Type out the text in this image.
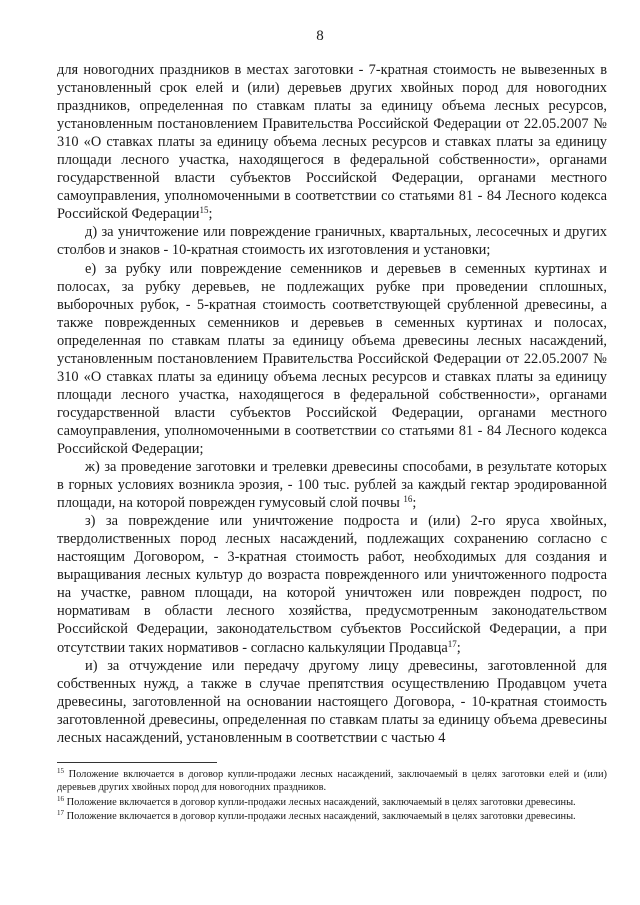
8

для новогодних праздников в местах заготовки - 7-кратная стоимость не вывезенных в установленный срок елей и (или) деревьев других хвойных пород для новогодних праздников, определенная по ставкам платы за единицу объема лесных ресурсов, установленным постановлением Правительства Российской Федерации от 22.05.2007 № 310 «О ставках платы за единицу объема лесных ресурсов и ставках платы за единицу площади лесного участка, находящегося в федеральной собственности», органами государственной власти субъектов Российской Федерации, органами местного самоуправления, уполномоченными в соответствии со статьями 81 - 84 Лесного кодекса Российской Федерации$^{15}$;

д) за уничтожение или повреждение граничных, квартальных, лесосечных и других столбов и знаков - 10-кратная стоимость их изготовления и установки;

е) за рубку или повреждение семенников и деревьев в семенных куртинах и полосах, за рубку деревьев, не подлежащих рубке при проведении сплошных, выборочных рубок, - 5-кратная стоимость соответствующей срубленной древесины, а также поврежденных семенников и деревьев в семенных куртинах и полосах, определенная по ставкам платы за единицу объема древесины лесных насаждений, установленным постановлением Правительства Российской Федерации от 22.05.2007 № 310 «О ставках платы за единицу объема лесных ресурсов и ставках платы за единицу площади лесного участка, находящегося в федеральной собственности», органами государственной власти субъектов Российской Федерации, органами местного самоуправления, уполномоченными в соответствии со статьями 81 - 84 Лесного кодекса Российской Федерации;

ж) за проведение заготовки и трелевки древесины способами, в результате которых в горных условиях возникла эрозия, - 100 тыс. рублей за каждый гектар эродированной площади, на которой поврежден гумусовый слой почвы $^{16}$;

з) за повреждение или уничтожение подроста и (или) 2-го яруса хвойных, твердолиственных пород лесных насаждений, подлежащих сохранению согласно с настоящим Договором, - 3-кратная стоимость работ, необходимых для создания и выращивания лесных культур до возраста поврежденного или уничтоженного подроста на участке, равном площади, на которой уничтожен или поврежден подрост, по нормативам в области лесного хозяйства, предусмотренным законодательством Российской Федерации, законодательством субъектов Российской Федерации, а при отсутствии таких нормативов - согласно калькуляции Продавца$^{17}$;

и) за отчуждение или передачу другому лицу древесины, заготовленной для собственных нужд, а также в случае препятствия осуществлению Продавцом учета древесины, заготовленной на основании настоящего Договора, - 10-кратная стоимость заготовленной древесины, определенная по ставкам платы за единицу объема древесины лесных насаждений, установленным в соответствии с частью 4

$^{15}$ Положение включается в договор купли-продажи лесных насаждений, заключаемый в целях заготовки елей и (или) деревьев других хвойных пород для новогодних праздников.

$^{16}$ Положение включается в договор купли-продажи лесных насаждений, заключаемый в целях заготовки древесины.

$^{17}$ Положение включается в договор купли-продажи лесных насаждений, заключаемый в целях заготовки древесины.
